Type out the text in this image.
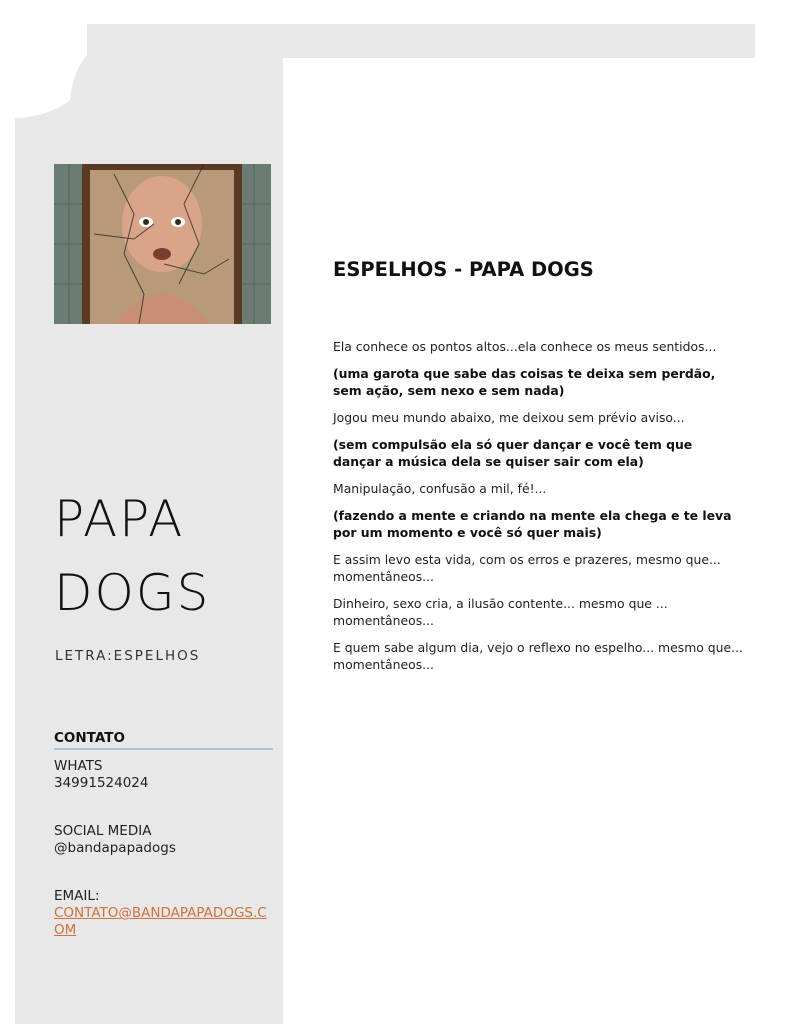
PAPA
DOGS
LETRA:ESPELHOS
CONTATO
WHATS
34991524024
SOCIAL MEDIA
@bandapapadogs
EMAIL:
CONTATO@BANDAPAPADOGS.COM
ESPELHOS - PAPA DOGS

Ela conhece os pontos altos...ela conhece os meus sentidos...

(uma garota que sabe das coisas te deixa sem perdão, sem ação, sem nexo e sem nada)

Jogou meu mundo abaixo, me deixou sem prévio aviso...

(sem compulsão ela só quer dançar e você tem que dançar a música dela se quiser sair com ela)

Manipulação, confusão a mil, fé!...

(fazendo a mente e criando na mente ela chega e te leva por um momento e você só quer mais)

E assim levo esta vida, com os erros e prazeres, mesmo que... momentâneos...

Dinheiro, sexo cria, a ilusão contente... mesmo que ... momentâneos...

E quem sabe algum dia, vejo o reflexo no espelho... mesmo que... momentâneos...
